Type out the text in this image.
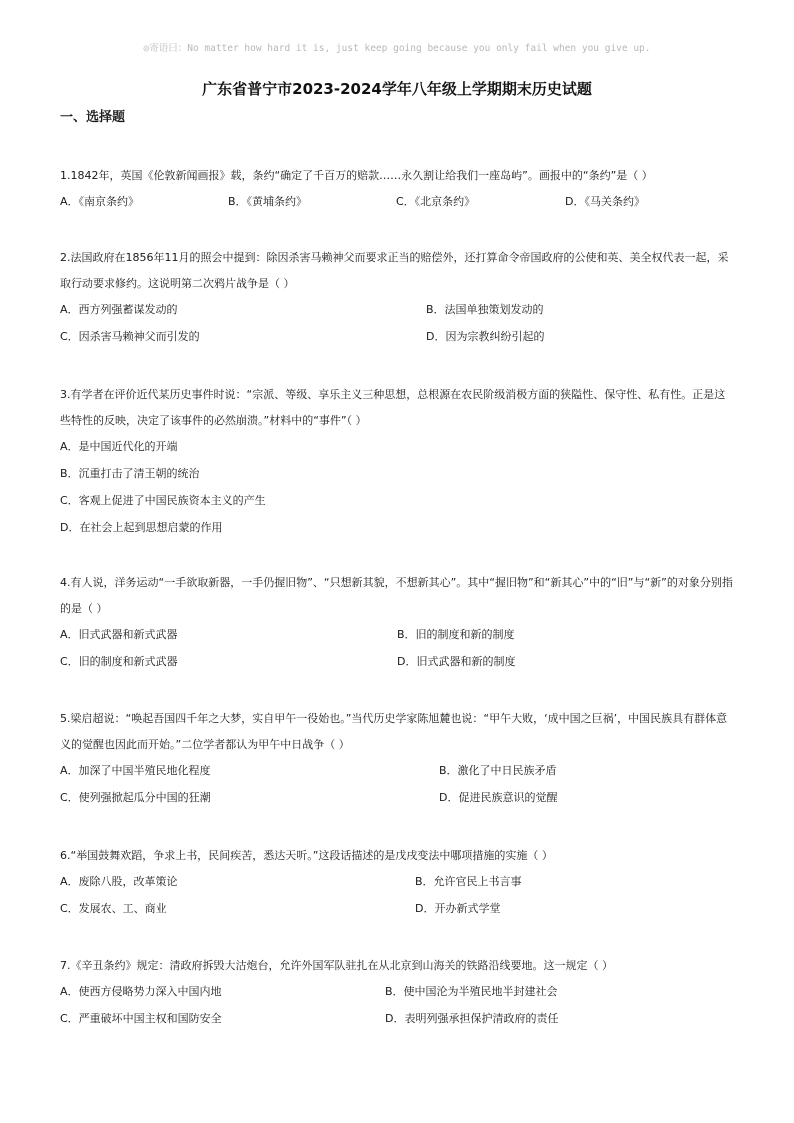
◎寄语曰：No matter how hard it is, just keep going because you only fail when you give up.
广东省普宁市2023-2024学年八年级上学期期末历史试题
一、选择题
1.1842年，英国《伦敦新闻画报》载，条约“确定了千百万的赔款……永久割让给我们一座岛屿”。画报中的“条约”是（ ）
A．《南京条约》	B．《黄埔条约》	C．《北京条约》	D．《马关条约》
2.法国政府在1856年11月的照会中提到：除因杀害马赖神父而要求正当的赔偿外，还打算命令帝国政府的公使和英、美全权代表一起，采取行动要求修约。这说明第二次鸦片战争是（ ）
A．西方列强蓄谋发动的	B．法国单独策划发动的
C．因杀害马赖神父而引发的	D．因为宗教纠纷引起的
3.有学者在评价近代某历史事件时说：“宗派、等级、享乐主义三种思想，总根源在农民阶级消极方面的狭隘性、保守性、私有性。正是这些特性的反映，决定了该事件的必然崩溃。”材料中的“事件”（ ）
A．是中国近代化的开端
B．沉重打击了清王朝的统治
C．客观上促进了中国民族资本主义的产生
D．在社会上起到思想启蒙的作用
4.有人说，洋务运动“一手欲取新器，一手仍握旧物”、“只想新其貌，不想新其心”。其中“握旧物”和“新其心”中的“旧”与“新”的对象分别指的是（ ）
A．旧式武器和新式武器	B．旧的制度和新的制度
C．旧的制度和新式武器	D．旧式武器和新的制度
5.梁启超说：“唤起吾国四千年之大梦，实自甲午一役始也。”当代历史学家陈旭麓也说：“甲午大败，‘成中国之巨祸’，中国民族具有群体意义的觉醒也因此而开始。”二位学者都认为甲午中日战争（ ）
A．加深了中国半殖民地化程度	B．激化了中日民族矛盾
C．使列强掀起瓜分中国的狂潮	D．促进民族意识的觉醒
6.“举国鼓舞欢蹈，争求上书，民间疾苦，悉达天听。”这段话描述的是戊戌变法中哪项措施的实施（ ）
A．废除八股，改革策论	B．允许官民上书言事
C．发展农、工、商业	D．开办新式学堂
7.《辛丑条约》规定：清政府拆毁大沽炮台，允许外国军队驻扎在从北京到山海关的铁路沿线要地。这一规定（ ）
A．使西方侵略势力深入中国内地	B．使中国沦为半殖民地半封建社会
C．严重破坏中国主权和国防安全	D．表明列强承担保护清政府的责任
